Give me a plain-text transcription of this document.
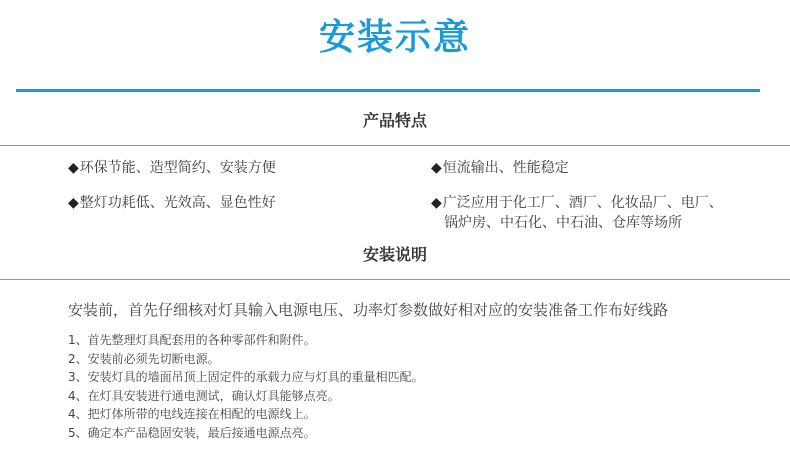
安装示意
产品特点
◆环保节能、造型简约、安装方便	◆恒流输出、性能稳定
◆整灯功耗低、光效高、显色性好	◆广泛应用于化工厂、酒厂、化妆品厂、电厂、
锅炉房、中石化、中石油、仓库等场所
安装说明
安装前，首先仔细核对灯具输入电源电压、功率灯参数做好相对应的安装准备工作布好线路
1、首先整理灯具配套用的各种零部件和附件。
2、安装前必须先切断电源。
3、安装灯具的墙面吊顶上固定件的承载力应与灯具的重量相匹配。
4、在灯具安装进行通电测试，确认灯具能够点亮。
4、把灯体所带的电线连接在相配的电源线上。
5、确定本产品稳固安装，最后接通电源点亮。
